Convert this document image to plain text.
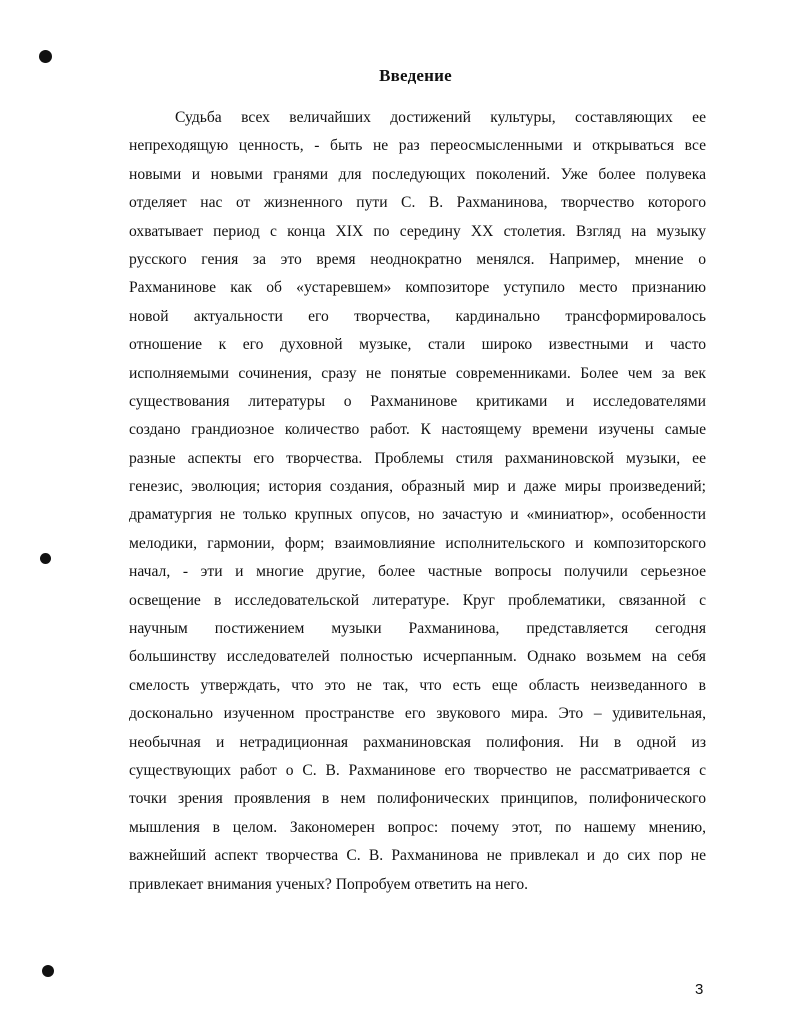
Введение
Судьба всех величайших достижений культуры, составляющих ее
непреходящую ценность, - быть не раз переосмысленными и открываться все
новыми и новыми гранями для последующих поколений. Уже более полувека
отделяет нас от жизненного пути С. В. Рахманинова, творчество которого
охватывает период с конца XIX по середину XX столетия. Взгляд на музыку
русского гения за это время неоднократно менялся. Например, мнение о
Рахманинове как об «устаревшем» композиторе уступило место признанию
новой актуальности его творчества, кардинально трансформировалось
отношение к его духовной музыке, стали широко известными и часто
исполняемыми сочинения, сразу не понятые современниками. Более чем за век
существования литературы о Рахманинове критиками и исследователями
создано грандиозное количество работ. К настоящему времени изучены самые
разные аспекты его творчества. Проблемы стиля рахманиновской музыки, ее
генезис, эволюция; история создания, образный мир и даже миры произведений;
драматургия не только крупных опусов, но зачастую и «миниатюр», особенности
мелодики, гармонии, форм; взаимовлияние исполнительского и композиторского
начал, - эти и многие другие, более частные вопросы получили серьезное
освещение в исследовательской литературе. Круг проблематики, связанной с
научным постижением музыки Рахманинова, представляется сегодня
большинству исследователей полностью исчерпанным. Однако возьмем на себя
смелость утверждать, что это не так, что есть еще область неизведанного в
досконально изученном пространстве его звукового мира. Это – удивительная,
необычная и нетрадиционная рахманиновская полифония. Ни в одной из
существующих работ о С. В. Рахманинове его творчество не рассматривается с
точки зрения проявления в нем полифонических принципов, полифонического
мышления в целом. Закономерен вопрос: почему этот, по нашему мнению,
важнейший аспект творчества С. В. Рахманинова не привлекал и до сих пор не
привлекает внимания ученых? Попробуем ответить на него.
3
